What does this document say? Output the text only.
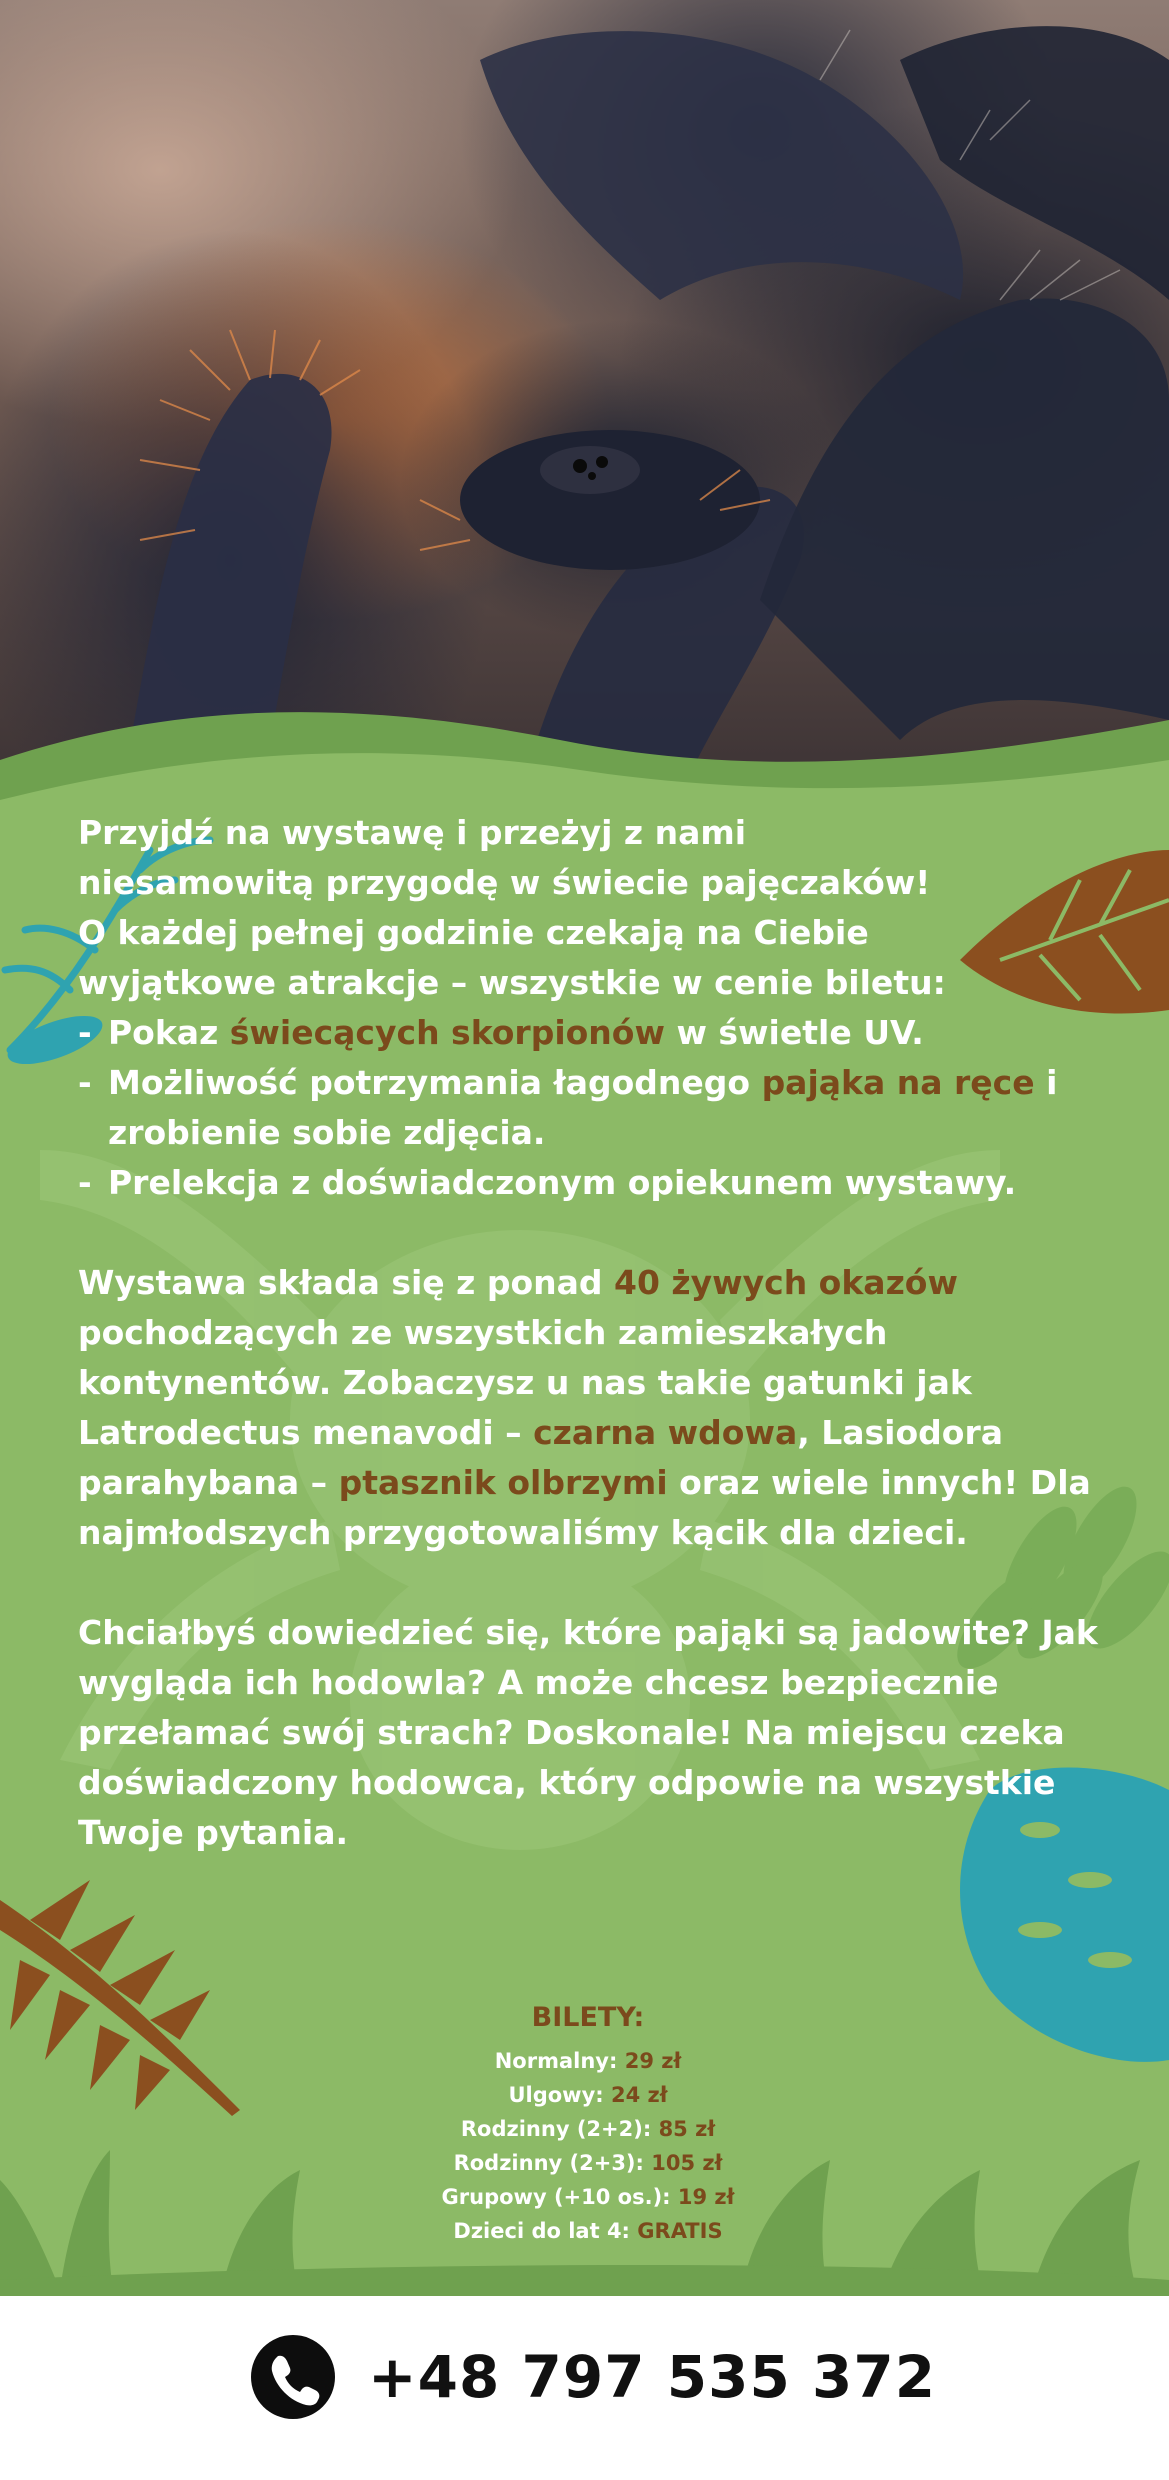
Przyjdź na wystawę i przeżyj z nami
niesamowitą przygodę w świecie pajęczaków!
O każdej pełnej godzinie czekają na Ciebie
wyjątkowe atrakcje – wszystkie w cenie biletu:

- Pokaz świecących skorpionów w świetle UV.
- Możliwość potrzymania łagodnego pająka na ręce i zrobienie sobie zdjęcia.
- Prelekcja z doświadczonym opiekunem wystawy.

Wystawa składa się z ponad 40 żywych okazów pochodzących ze wszystkich zamieszkałych kontynentów. Zobaczysz u nas takie gatunki jak Latrodectus menavodi – czarna wdowa, Lasiodora parahybana – ptasznik olbrzymi oraz wiele innych! Dla najmłodszych przygotowaliśmy kącik dla dzieci.

Chciałbyś dowiedzieć się, które pająki są jadowite? Jak wygląda ich hodowla? A może chcesz bezpiecznie przełamać swój strach? Doskonale! Na miejscu czeka doświadczony hodowca, który odpowie na wszystkie Twoje pytania.

BILETY:
Normalny: 29 zł
Ulgowy: 24 zł
Rodzinny (2+2): 85 zł
Rodzinny (2+3): 105 zł
Grupowy (+10 os.): 19 zł
Dzieci do lat 4: GRATIS
+48 797 535 372
